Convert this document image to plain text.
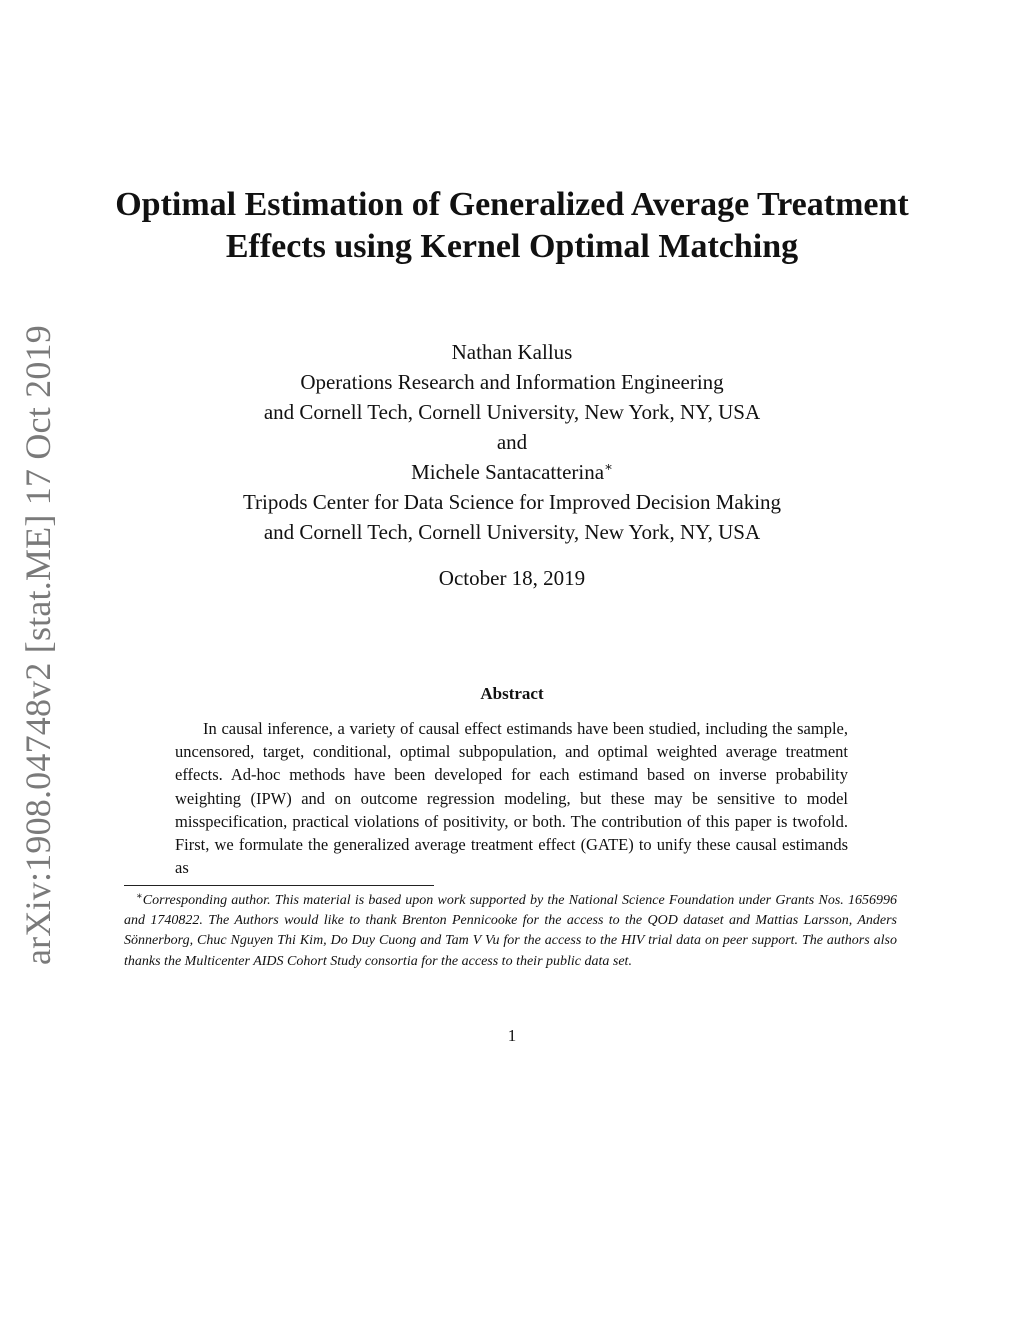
arXiv:1908.04748v2 [stat.ME] 17 Oct 2019
Optimal Estimation of Generalized Average Treatment Effects using Kernel Optimal Matching
Nathan Kallus
Operations Research and Information Engineering
and Cornell Tech, Cornell University, New York, NY, USA
and
Michele Santacatterina∗
Tripods Center for Data Science for Improved Decision Making
and Cornell Tech, Cornell University, New York, NY, USA
October 18, 2019
Abstract
In causal inference, a variety of causal effect estimands have been studied, including the sample, uncensored, target, conditional, optimal subpopulation, and optimal weighted average treatment effects. Ad-hoc methods have been developed for each estimand based on inverse probability weighting (IPW) and on outcome regression modeling, but these may be sensitive to model misspecification, practical violations of positivity, or both. The contribution of this paper is twofold. First, we formulate the generalized average treatment effect (GATE) to unify these causal estimands as
∗Corresponding author. This material is based upon work supported by the National Science Foundation under Grants Nos. 1656996 and 1740822. The Authors would like to thank Brenton Pennicooke for the access to the QOD dataset and Mattias Larsson, Anders Sönnerborg, Chuc Nguyen Thi Kim, Do Duy Cuong and Tam V Vu for the access to the HIV trial data on peer support. The authors also thanks the Multicenter AIDS Cohort Study consortia for the access to their public data set.
1
